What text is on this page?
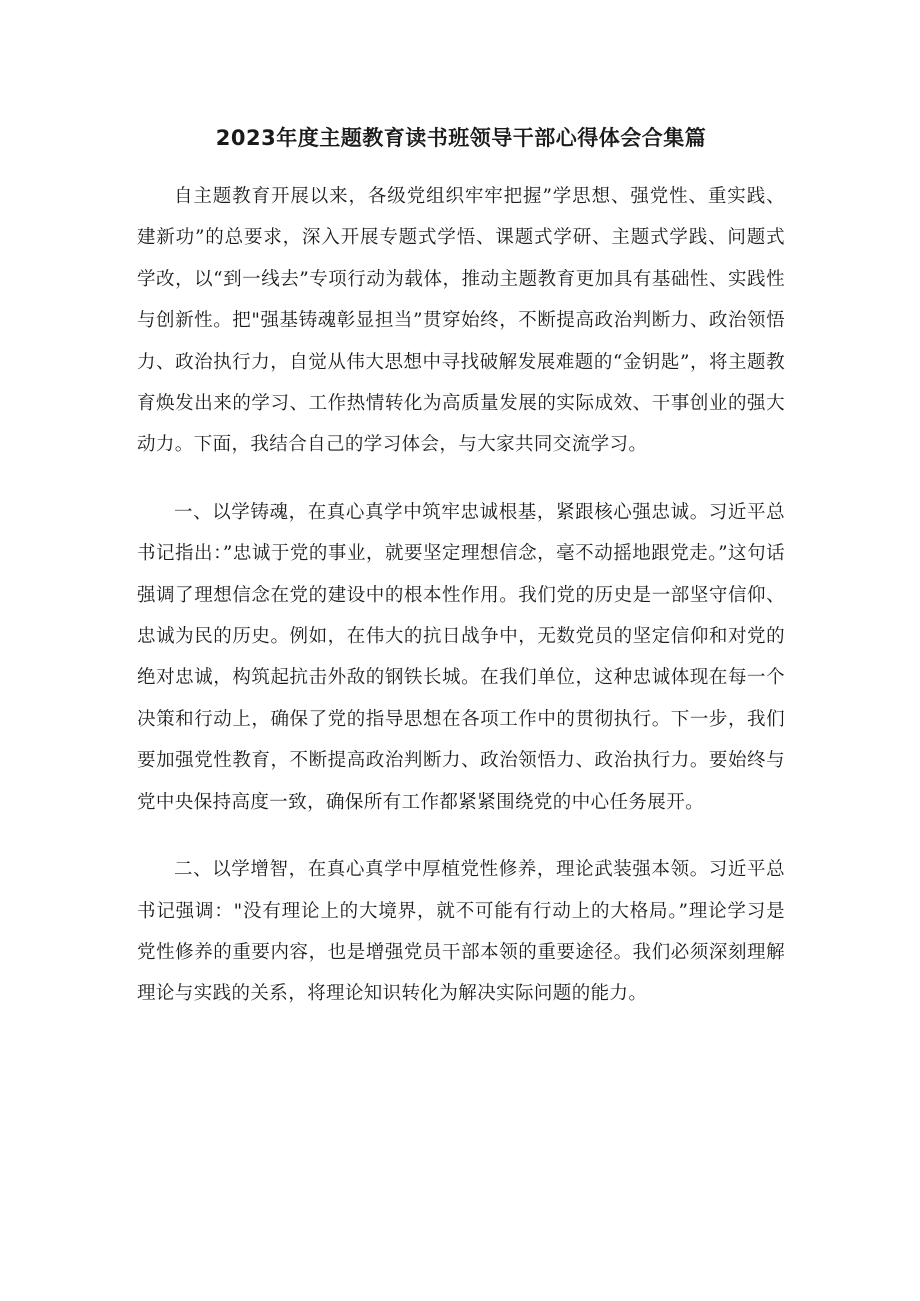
2023年度主题教育读书班领导干部心得体会合集篇

自主题教育开展以来，各级党组织牢牢把握”学思想、强党性、重实践、建新功”的总要求，深入开展专题式学悟、课题式学研、主题式学践、问题式学改，以“到一线去”专项行动为载体，推动主题教育更加具有基础性、实践性与创新性。把"强基铸魂彰显担当”贯穿始终，不断提高政治判断力、政治领悟力、政治执行力，自觉从伟大思想中寻找破解发展难题的“金钥匙”，将主题教育焕发出来的学习、工作热情转化为高质量发展的实际成效、干事创业的强大动力。下面，我结合自己的学习体会，与大家共同交流学习。

一、以学铸魂，在真心真学中筑牢忠诚根基，紧跟核心强忠诚。习近平总书记指出：”忠诚于党的事业，就要坚定理想信念，毫不动摇地跟党走。”这句话强调了理想信念在党的建设中的根本性作用。我们党的历史是一部坚守信仰、忠诚为民的历史。例如，在伟大的抗日战争中，无数党员的坚定信仰和对党的绝对忠诚，构筑起抗击外敌的钢铁长城。在我们单位，这种忠诚体现在每一个决策和行动上，确保了党的指导思想在各项工作中的贯彻执行。下一步，我们要加强党性教育，不断提高政治判断力、政治领悟力、政治执行力。要始终与党中央保持高度一致，确保所有工作都紧紧围绕党的中心任务展开。

二、以学增智，在真心真学中厚植党性修养，理论武装强本领。习近平总书记强调："没有理论上的大境界，就不可能有行动上的大格局。”理论学习是党性修养的重要内容，也是增强党员干部本领的重要途径。我们必须深刻理解理论与实践的关系，将理论知识转化为解决实际问题的能力。
